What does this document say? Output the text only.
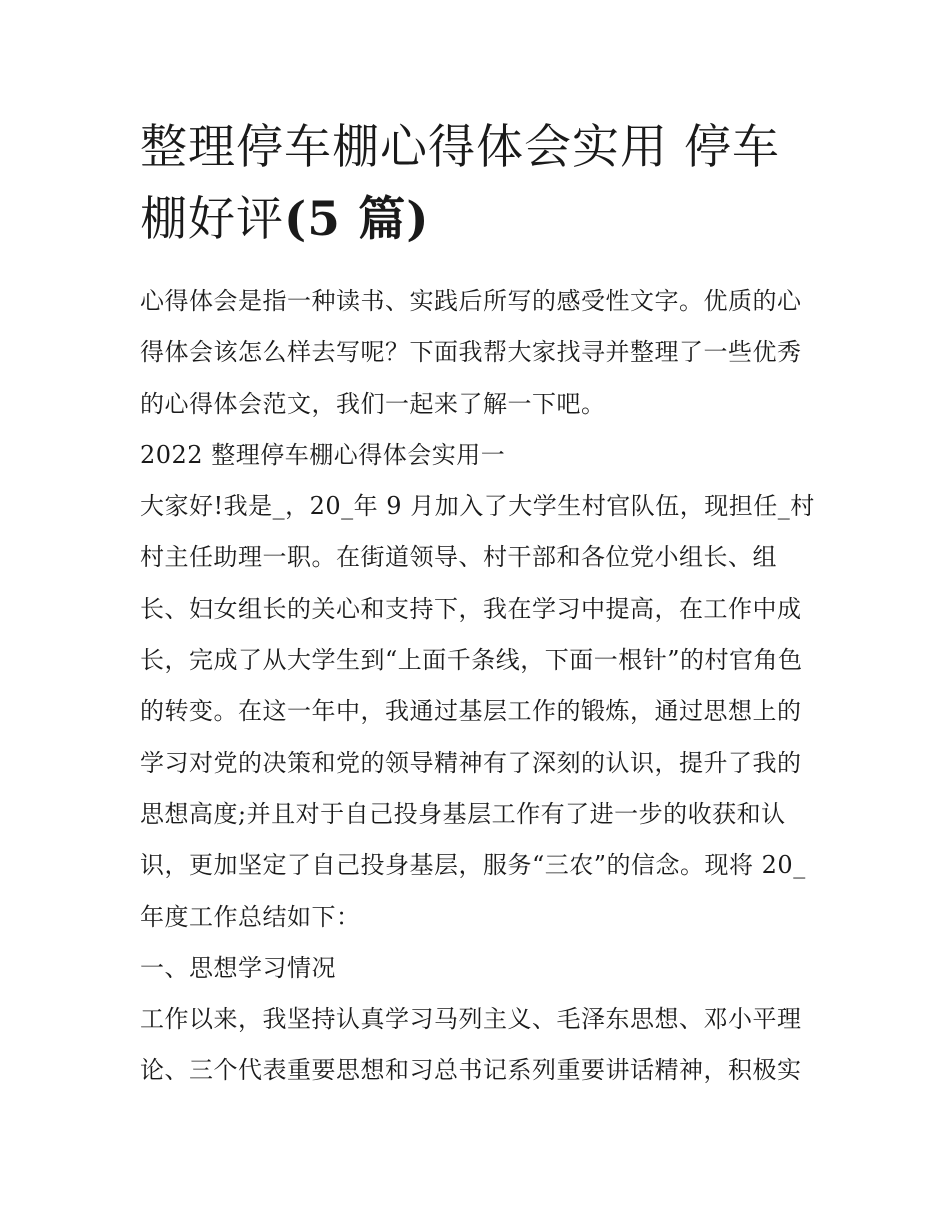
整理停车棚心得体会实用 停车
棚好评(5 篇)
心得体会是指一种读书、实践后所写的感受性文字。优质的心
得体会该怎么样去写呢？下面我帮大家找寻并整理了一些优秀
的心得体会范文，我们一起来了解一下吧。
2022 整理停车棚心得体会实用一
大家好!我是_，20_年 9 月加入了大学生村官队伍，现担任_村
村主任助理一职。在街道领导、村干部和各位党小组长、组
长、妇女组长的关心和支持下，我在学习中提高，在工作中成
长，完成了从大学生到“上面千条线，下面一根针”的村官角色
的转变。在这一年中，我通过基层工作的锻炼，通过思想上的
学习对党的决策和党的领导精神有了深刻的认识，提升了我的
思想高度;并且对于自己投身基层工作有了进一步的收获和认
识，更加坚定了自己投身基层，服务“三农”的信念。现将 20_
年度工作总结如下：
一、思想学习情况
工作以来，我坚持认真学习马列主义、毛泽东思想、邓小平理
论、三个代表重要思想和习总书记系列重要讲话精神，积极实
